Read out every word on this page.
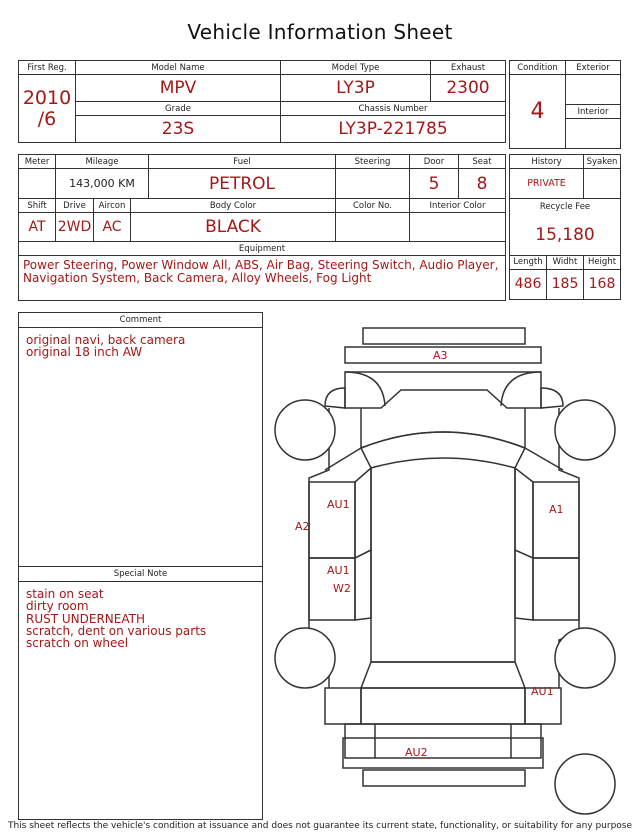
Vehicle Information Sheet
First Reg.	Model Name	Model Type	Exhaust

2010
/6	MPV	LY3P	2300
	Grade	Chassis Number	
	23S	LY3P-221785	
Condition	Exterior
4	
	Interior

Meter	Mileage			Fuel	Steering	Door	Seat
	143,000 KM			PETROL		5	8
Shift	Drive	Aircon	Body Color		Color No.	Interior Color	
AT	2WD	AC	BLACK				
Equipment							
Power Steering, Power Window All, ABS, Air Bag, Steering Switch, Audio Player, Navigation System, Back Camera, Alloy Wheels, Fog Light							
History		Syaken
PRIVATE		
Recycle Fee		
15,180		
Length	Widht	Height
486	185	168
Comment
original navi, back camera
original 18 inch AW
Special Note
stain on seat
dirty room
RUST UNDERNEATH
scratch, dent on various parts
scratch on wheel
A3
AU1
A2
A1
AU1
W2
AU1
AU2
This sheet reflects the vehicle's condition at issuance and does not guarantee its current state, functionality, or suitability for any purpose
